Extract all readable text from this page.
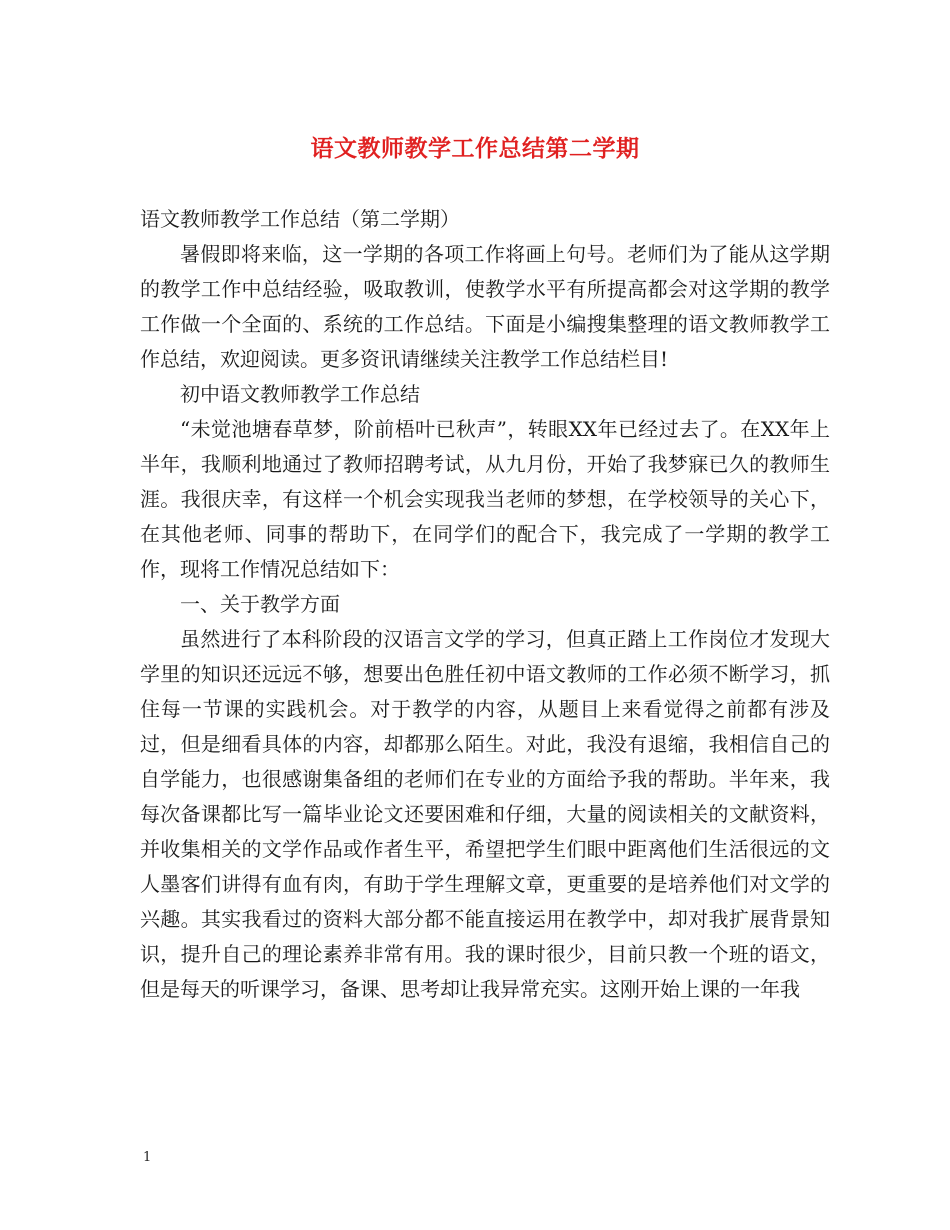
语文教师教学工作总结第二学期

语文教师教学工作总结（第二学期）

暑假即将来临，这一学期的各项工作将画上句号。老师们为了能从这学期的教学工作中总结经验，吸取教训，使教学水平有所提高都会对这学期的教学工作做一个全面的、系统的工作总结。下面是小编搜集整理的语文教师教学工作总结，欢迎阅读。更多资讯请继续关注教学工作总结栏目!

初中语文教师教学工作总结

“未觉池塘春草梦，阶前梧叶已秋声”，转眼XX年已经过去了。在XX年上半年，我顺利地通过了教师招聘考试，从九月份，开始了我梦寐已久的教师生涯。我很庆幸，有这样一个机会实现我当老师的梦想，在学校领导的关心下，在其他老师、同事的帮助下，在同学们的配合下，我完成了一学期的教学工作，现将工作情况总结如下：

一、关于教学方面

虽然进行了本科阶段的汉语言文学的学习，但真正踏上工作岗位才发现大学里的知识还远远不够，想要出色胜任初中语文教师的工作必须不断学习，抓住每一节课的实践机会。对于教学的内容，从题目上来看觉得之前都有涉及过，但是细看具体的内容，却都那么陌生。对此，我没有退缩，我相信自己的自学能力，也很感谢集备组的老师们在专业的方面给予我的帮助。半年来，我每次备课都比写一篇毕业论文还要困难和仔细，大量的阅读相关的文献资料，并收集相关的文学作品或作者生平，希望把学生们眼中距离他们生活很远的文人墨客们讲得有血有肉，有助于学生理解文章，更重要的是培养他们对文学的兴趣。其实我看过的资料大部分都不能直接运用在教学中，却对我扩展背景知识，提升自己的理论素养非常有用。我的课时很少，目前只教一个班的语文，但是每天的听课学习，备课、思考却让我异常充实。这刚开始上课的一年我

1
